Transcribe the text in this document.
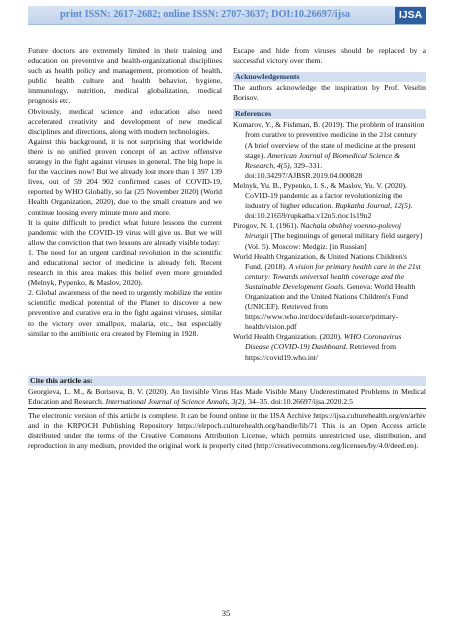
print ISSN: 2617-2682; online ISSN: 2707-3637; DOI:10.26697/ijsa	IJSA

Future doctors are extremely limited in their training and education on preventive and health-organizational disciplines such as health policy and management, promotion of health, public health culture and health behavior, hygiene, immunology, nutrition, medical globalization, medical prognosis etc.

Obviously, medical science and education also need accelerated creativity and development of new medical disciplines and directions, along with modern technologies.

Against this background, it is not surprising that worldwide there is no unified proven concept of an active offensive strategy in the fight against viruses in general. The big hope is for the vaccines now! But we already lost more than 1 397 139 lives, out of 59 204 902 confirmed cases of COVID-19, reported by WHO Globally, so far (25 November 2020) (World Health Organization, 2020), due to the small creature and we continue loosing every minute more and more.

It is quite difficult to predict what future lessons the current pandemic with the COVID-19 virus will give us. But we will allow the conviction that two lessons are already visible today:

1. The need for an urgent cardinal revolution in the scientific and educational sector of medicine is already felt. Recent research in this area makes this belief even more grounded (Melnyk, Pypenko, & Maslov, 2020).

2. Global awareness of the need to urgently mobilize the entire scientific medical potential of the Planet to discover a new preventive and curative era in the fight against viruses, similar to the victory over smallpox, malaria, etc., but especially similar to the antibiotic era created by Fleming in 1928.

Escape and hide from viruses should be replaced by a successful victory over them.

Acknowledgements

The authors acknowledge the inspiration by Prof. Veselin Borisov.

References

Komarov, Y., & Fishman, B. (2019). The problem of transition from curative to preventive medicine in the 21st century (A brief overview of the state of medicine at the present stage). American Journal of Biomedical Science & Research, 4(5), 329–331. doi:10.34297/AJBSR.2019.04.000828

Melnyk, Yu. B., Pypenko, I. S., & Maslov, Yu. V. (2020). CoVID-19 pandemic as a factor revolutionizing the industry of higher education. Rupkatha Journal, 12(5). doi:10.21659/rupkatha.v12n5.rioc1s19n2

Pirogov, N. I. (1961). Nachala obshhej voenno-polevoj hirurgii [The beginnings of general military field surgery] (Vol. 5). Moscow: Medgiz. [in Russian]

World Health Organization, & United Nations Children's Fund. (2018). A vision for primary health care in the 21st century: Towards universal health coverage and the Sustainable Development Goals. Geneva: World Health Organization and the United Nations Children's Fund (UNICEF). Retrieved from https://www.who.int/docs/default-source/primary-health/vision.pdf

World Health Organization. (2020). WHO Coronavirus Disease (COVID-19) Dashboard. Retrieved from https://covid19.who.int/

Cite this article as:
Georgieva, L. M., & Borisova, B. V. (2020). An Invisible Virus Has Made Visible Many Underestimated Problems in Medical Education and Research. International Journal of Science Annals, 3(2), 34–35. doi:10.26697/ijsa.2020.2.5
The electronic version of this article is complete. It can be found online in the IJSA Archive https://ijsa.culturehealth.org/en/arhiv and in the KRPOCH Publishing Repository https://elrpoch.culturehealth.org/handle/lib/71 This is an Open Access article distributed under the terms of the Creative Commons Attribution License, which permits unrestricted use, distribution, and reproduction in any medium, provided the original work is properly cited (http://creativecommons.org/licenses/by/4.0/deed.en).
35
